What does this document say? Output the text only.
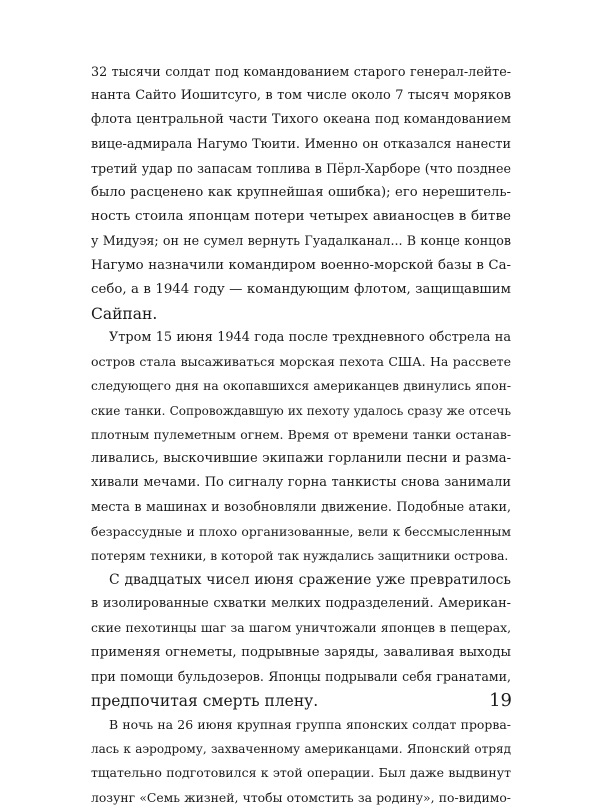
32 тысячи солдат под командованием старого генерал-лейте-
нанта Сайто Иошитсуго, в том числе около 7 тысяч моряков
флота центральной части Тихого океана под командованием
вице-адмирала Нагумо Тюити. Именно он отказался нанести
третий удар по запасам топлива в Пёрл-Харборе (что позднее
было расценено как крупнейшая ошибка); его нерешитель-
ность стоила японцам потери четырех авианосцев в битве
у Мидуэя; он не сумел вернуть Гуадалканал... В конце концов
Нагумо назначили командиром военно-морской базы в Са-
себо, а в 1944 году — командующим флотом, защищавшим
Сайпан.
Утром 15 июня 1944 года после трехдневного обстрела на
остров стала высаживаться морская пехота США. На рассвете
следующего дня на окопавшихся американцев двинулись япон-
ские танки. Сопровождавшую их пехоту удалось сразу же отсечь
плотным пулеметным огнем. Время от времени танки останав-
ливались, выскочившие экипажи горланили песни и разма-
хивали мечами. По сигналу горна танкисты снова занимали
места в машинах и возобновляли движение. Подобные атаки,
безрассудные и плохо организованные, вели к бессмысленным
потерям техники, в которой так нуждались защитники острова.
С двадцатых чисел июня сражение уже превратилось
в изолированные схватки мелких подразделений. Американ-
ские пехотинцы шаг за шагом уничтожали японцев в пещерах,
применяя огнеметы, подрывные заряды, заваливая выходы
при помощи бульдозеров. Японцы подрывали себя гранатами,
предпочитая смерть плену.
В ночь на 26 июня крупная группа японских солдат прорва-
лась к аэродрому, захваченному американцами. Японский отряд
тщательно подготовился к этой операции. Был даже выдвинут
лозунг «Семь жизней, чтобы отомстить за родину», по-видимо-
19
